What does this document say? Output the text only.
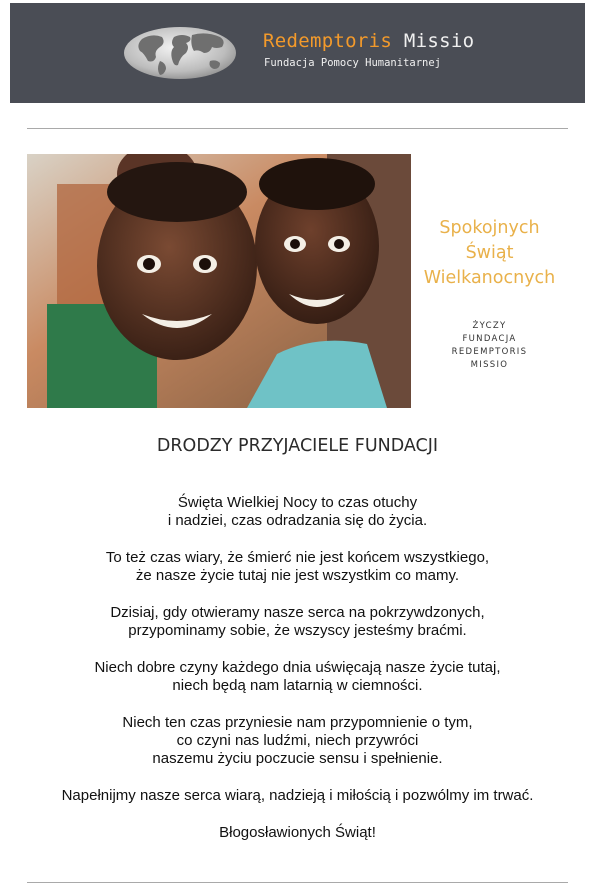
Redemptoris Missio
Fundacja Pomocy Humanitarnej
Spokojnych
Świąt
Wielkanocnych
ŻYCZY
FUNDACJA
REDEMPTORIS
MISSIO
DRODZY PRZYJACIELE FUNDACJI

Święta Wielkiej Nocy to czas otuchy
i nadziei, czas odradzania się do życia.

To też czas wiary, że śmierć nie jest końcem wszystkiego,
że nasze życie tutaj nie jest wszystkim co mamy.

Dzisiaj, gdy otwieramy nasze serca na pokrzywdzonych,
przypominamy sobie, że wszyscy jesteśmy braćmi.

Niech dobre czyny każdego dnia uświęcają nasze życie tutaj,
niech będą nam latarnią w ciemności.

Niech ten czas przyniesie nam przypomnienie o tym,
co czyni nas ludźmi, niech przywróci
naszemu życiu poczucie sensu i spełnienie.

Napełnijmy nasze serca wiarą, nadzieją i miłością i pozwólmy im trwać.

Błogosławionych Świąt!
